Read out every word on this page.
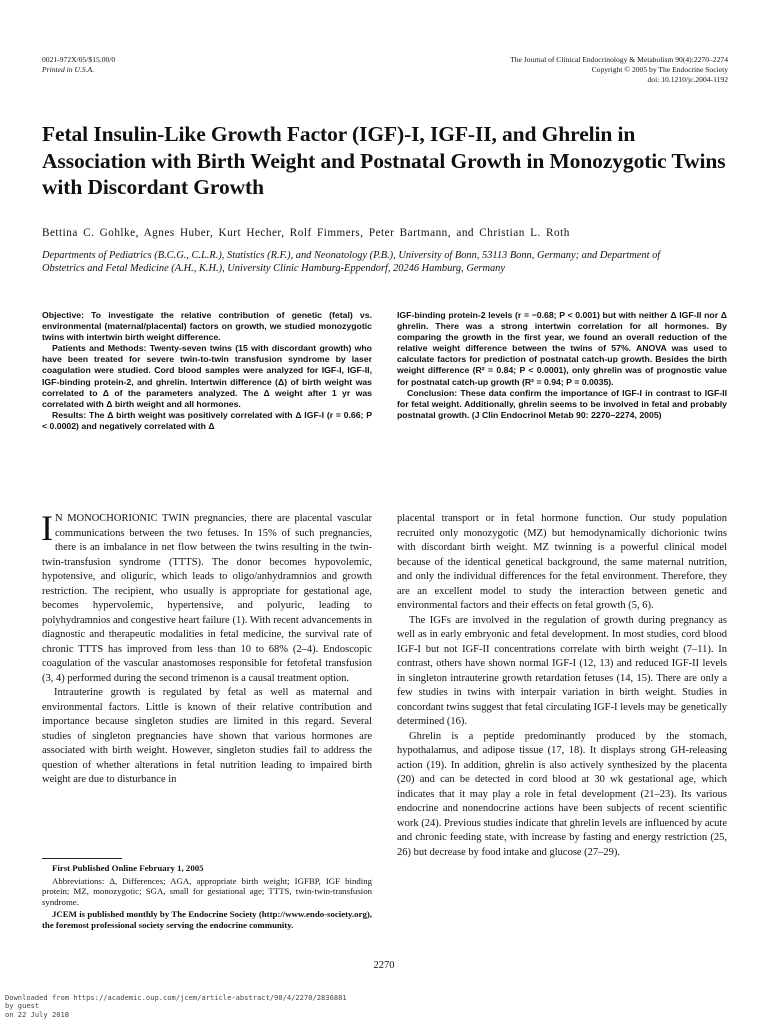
0021-972X/05/$15.00/0
Printed in U.S.A.
The Journal of Clinical Endocrinology & Metabolism 90(4):2270–2274
Copyright © 2005 by The Endocrine Society
doi: 10.1210/jc.2004-1192
Fetal Insulin-Like Growth Factor (IGF)-I, IGF-II, and Ghrelin in Association with Birth Weight and Postnatal Growth in Monozygotic Twins with Discordant Growth
Bettina C. Gohlke, Agnes Huber, Kurt Hecher, Rolf Fimmers, Peter Bartmann, and Christian L. Roth
Departments of Pediatrics (B.C.G., C.L.R.), Statistics (R.F.), and Neonatology (P.B.), University of Bonn, 53113 Bonn, Germany; and Department of Obstetrics and Fetal Medicine (A.H., K.H.), University Clinic Hamburg-Eppendorf, 20246 Hamburg, Germany

Objective: To investigate the relative contribution of genetic (fetal) vs. environmental (maternal/placental) factors on growth, we studied monozygotic twins with intertwin birth weight difference.

Patients and Methods: Twenty-seven twins (15 with discordant growth) who have been treated for severe twin-to-twin transfusion syndrome by laser coagulation were studied. Cord blood samples were analyzed for IGF-I, IGF-II, IGF-binding protein-2, and ghrelin. Intertwin difference (Δ) of birth weight was correlated to Δ of the parameters analyzed. The Δ weight after 1 yr was correlated with Δ birth weight and all hormones.

Results: The Δ birth weight was positively correlated with Δ IGF-I (r = 0.66; P < 0.0002) and negatively correlated with Δ

IGF-binding protein-2 levels (r = −0.68; P < 0.001) but with neither Δ IGF-II nor Δ ghrelin. There was a strong intertwin correlation for all hormones. By comparing the growth in the first year, we found an overall reduction of the relative weight difference between the twins of 57%. ANOVA was used to calculate factors for prediction of postnatal catch-up growth. Besides the birth weight difference (R² = 0.84; P < 0.0001), only ghrelin was of prognostic value for postnatal catch-up growth (R² = 0.94; P = 0.0035).

Conclusion: These data confirm the importance of IGF-I in contrast to IGF-II for fetal weight. Additionally, ghrelin seems to be involved in fetal and probably postnatal growth. (J Clin Endocrinol Metab 90: 2270–2274, 2005)

I N MONOCHORIONIC TWIN pregnancies, there are placental vascular communications between the two fetuses. In 15% of such pregnancies, there is an imbalance in net flow between the twins resulting in the twin-twin-transfusion syndrome (TTTS). The donor becomes hypovolemic, hypotensive, and oliguric, which leads to oligo/anhydramnios and growth restriction. The recipient, who usually is appropriate for gestational age, becomes hypervolemic, hypertensive, and polyuric, leading to polyhydramnios and congestive heart failure (1). With recent advancements in diagnostic and therapeutic modalities in fetal medicine, the survival rate of chronic TTTS has improved from less than 10 to 68% (2–4). Endoscopic coagulation of the vascular anastomoses responsible for fetofetal transfusion (3, 4) performed during the second trimenon is a causal treatment option.

Intrauterine growth is regulated by fetal as well as maternal and environmental factors. Little is known of their relative contribution and importance because singleton studies are limited in this regard. Several studies of singleton pregnancies have shown that various hormones are associated with birth weight. However, singleton studies fail to address the question of whether alterations in fetal nutrition leading to impaired birth weight are due to disturbance in

placental transport or in fetal hormone function. Our study population recruited only monozygotic (MZ) but hemodynamically dichorionic twins with discordant birth weight. MZ twinning is a powerful clinical model because of the identical genetical background, the same maternal nutrition, and only the individual differences for the fetal environment. Therefore, they are an excellent model to study the interaction between genetic and environmental factors and their effects on fetal growth (5, 6).

The IGFs are involved in the regulation of growth during pregnancy as well as in early embryonic and fetal development. In most studies, cord blood IGF-I but not IGF-II concentrations correlate with birth weight (7–11). In contrast, others have shown normal IGF-I (12, 13) and reduced IGF-II levels in singleton intrauterine growth retardation fetuses (14, 15). There are only a few studies in twins with interpair variation in birth weight. Studies in concordant twins suggest that fetal circulating IGF-I levels may be genetically determined (16).

Ghrelin is a peptide predominantly produced by the stomach, hypothalamus, and adipose tissue (17, 18). It displays strong GH-releasing action (19). In addition, ghrelin is also actively synthesized by the placenta (20) and can be detected in cord blood at 30 wk gestational age, which indicates that it may play a role in fetal development (21–23). Its various endocrine and nonendocrine actions have been subjects of recent scientific work (24). Previous studies indicate that ghrelin levels are influenced by acute and chronic feeding state, with increase by fasting and energy restriction (25, 26) but decrease by food intake and glucose (27–29).

First Published Online February 1, 2005

Abbreviations: Δ, Differences; AGA, appropriate birth weight; IGFBP, IGF binding protein; MZ, monozygotic; SGA, small for gestational age; TTTS, twin-twin-transfusion syndrome.

JCEM is published monthly by The Endocrine Society (http://www.endo-society.org), the foremost professional society serving the endocrine community.

2270
Downloaded from https://academic.oup.com/jcem/article-abstract/90/4/2270/2836881
by guest
on 22 July 2018
